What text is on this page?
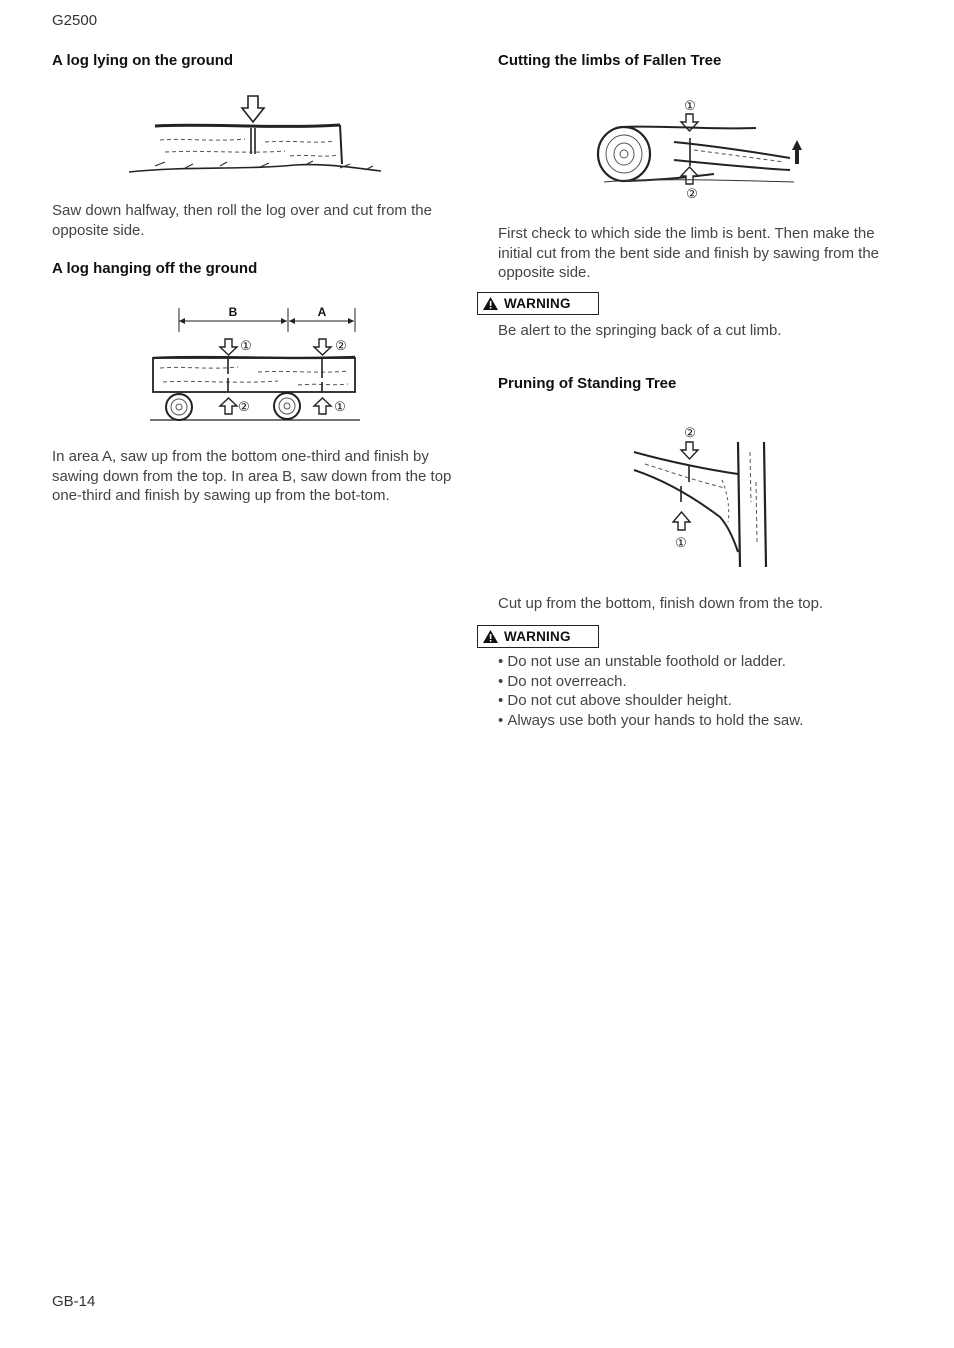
G2500
A log lying on the ground
Saw down halfway, then roll the log over and cut from the opposite side.
A log hanging off the ground
B	A
①	②
②	①
In area A, saw up from the bottom one-third and finish by sawing down from the top. In area B, saw down from the top one-third and finish by sawing up from the bot-tom.
Cutting the limbs of Fallen Tree
①
②
First check to which side the limb is bent. Then make the initial cut from the bent side and finish by sawing from the opposite side.
WARNING
Be alert to the springing back of a cut limb.
Pruning of Standing Tree
②
①
Cut up from the bottom, finish down from the top.
WARNING
• Do not use an unstable foothold or ladder.
• Do not overreach.
• Do not cut above shoulder height.
• Always use both your hands to hold the saw.
GB-14
